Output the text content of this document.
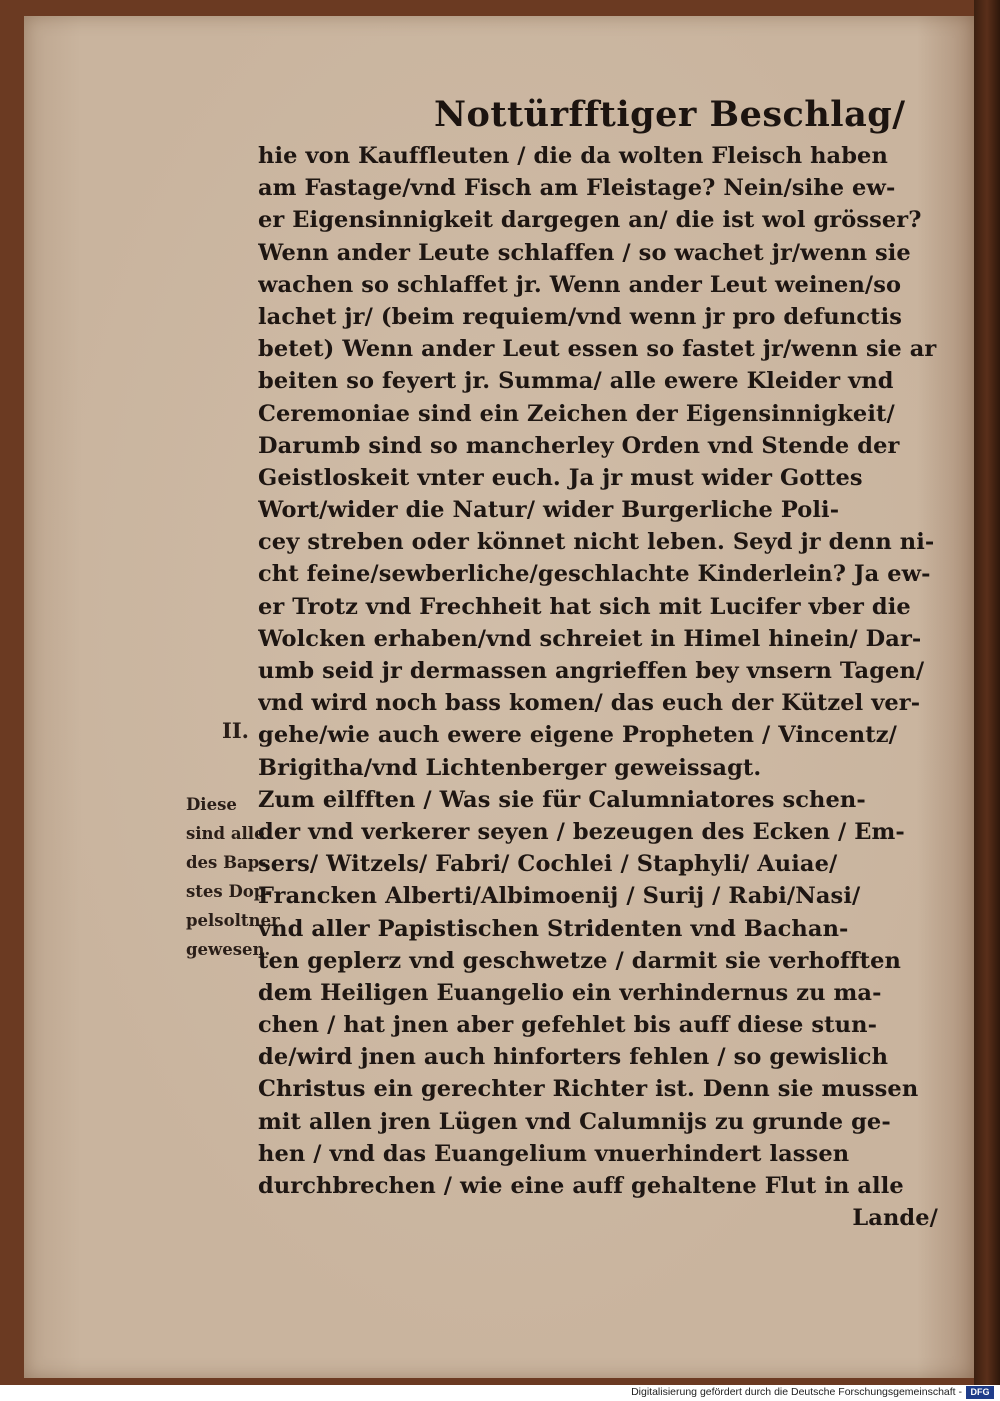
Nottürfftiger Beschlag/
II.
Diese
sind alle
des Bap-
stes Dop-
pelsoltner
gewesen.
hie von Kauffleuten / die da wolten Fleisch haben
am Fastage/vnd Fisch am Fleistage? Nein/sihe ew-
er Eigensinnigkeit dargegen an/ die ist wol grösser?
Wenn ander Leute schlaffen / so wachet jr/wenn sie
wachen so schlaffet jr. Wenn ander Leut weinen/so
lachet jr/ (beim requiem/vnd wenn jr pro defunctis
betet) Wenn ander Leut essen so fastet jr/wenn sie ar
beiten so feyert jr. Summa/ alle ewere Kleider vnd
Ceremoniae sind ein Zeichen der Eigensinnigkeit/
Darumb sind so mancherley Orden vnd Stende der
Geistloskeit vnter euch. Ja jr must wider Gottes
Wort/wider die Natur/ wider Burgerliche Poli-
cey streben oder könnet nicht leben. Seyd jr denn ni-
cht feine/sewberliche/geschlachte Kinderlein? Ja ew-
er Trotz vnd Frechheit hat sich mit Lucifer vber die
Wolcken erhaben/vnd schreiet in Himel hinein/ Dar-
umb seid jr dermassen angrieffen bey vnsern Tagen/
vnd wird noch bass komen/ das euch der Kützel ver-
gehe/wie auch ewere eigene Propheten / Vincentz/
Brigitha/vnd Lichtenberger geweissagt.
Zum eilfften / Was sie für Calumniatores schen-
der vnd verkerer seyen / bezeugen des Ecken / Em-
sers/ Witzels/ Fabri/ Cochlei / Staphyli/ Auiae/
Francken Alberti/Albimoenij / Surij / Rabi/Nasi/
vnd aller Papistischen Stridenten vnd Bachan-
ten geplerz vnd geschwetze / darmit sie verhofften
dem Heiligen Euangelio ein verhindernus zu ma-
chen / hat jnen aber gefehlet bis auff diese stun-
de/wird jnen auch hinforters fehlen / so gewislich
Christus ein gerechter Richter ist. Denn sie mussen
mit allen jren Lügen vnd Calumnijs zu grunde ge-
hen / vnd das Euangelium vnuerhindert lassen
durchbrechen / wie eine auff gehaltene Flut in alle
Lande/
Digitalisierung gefördert durch die Deutsche Forschungsgemeinschaft - DFG
